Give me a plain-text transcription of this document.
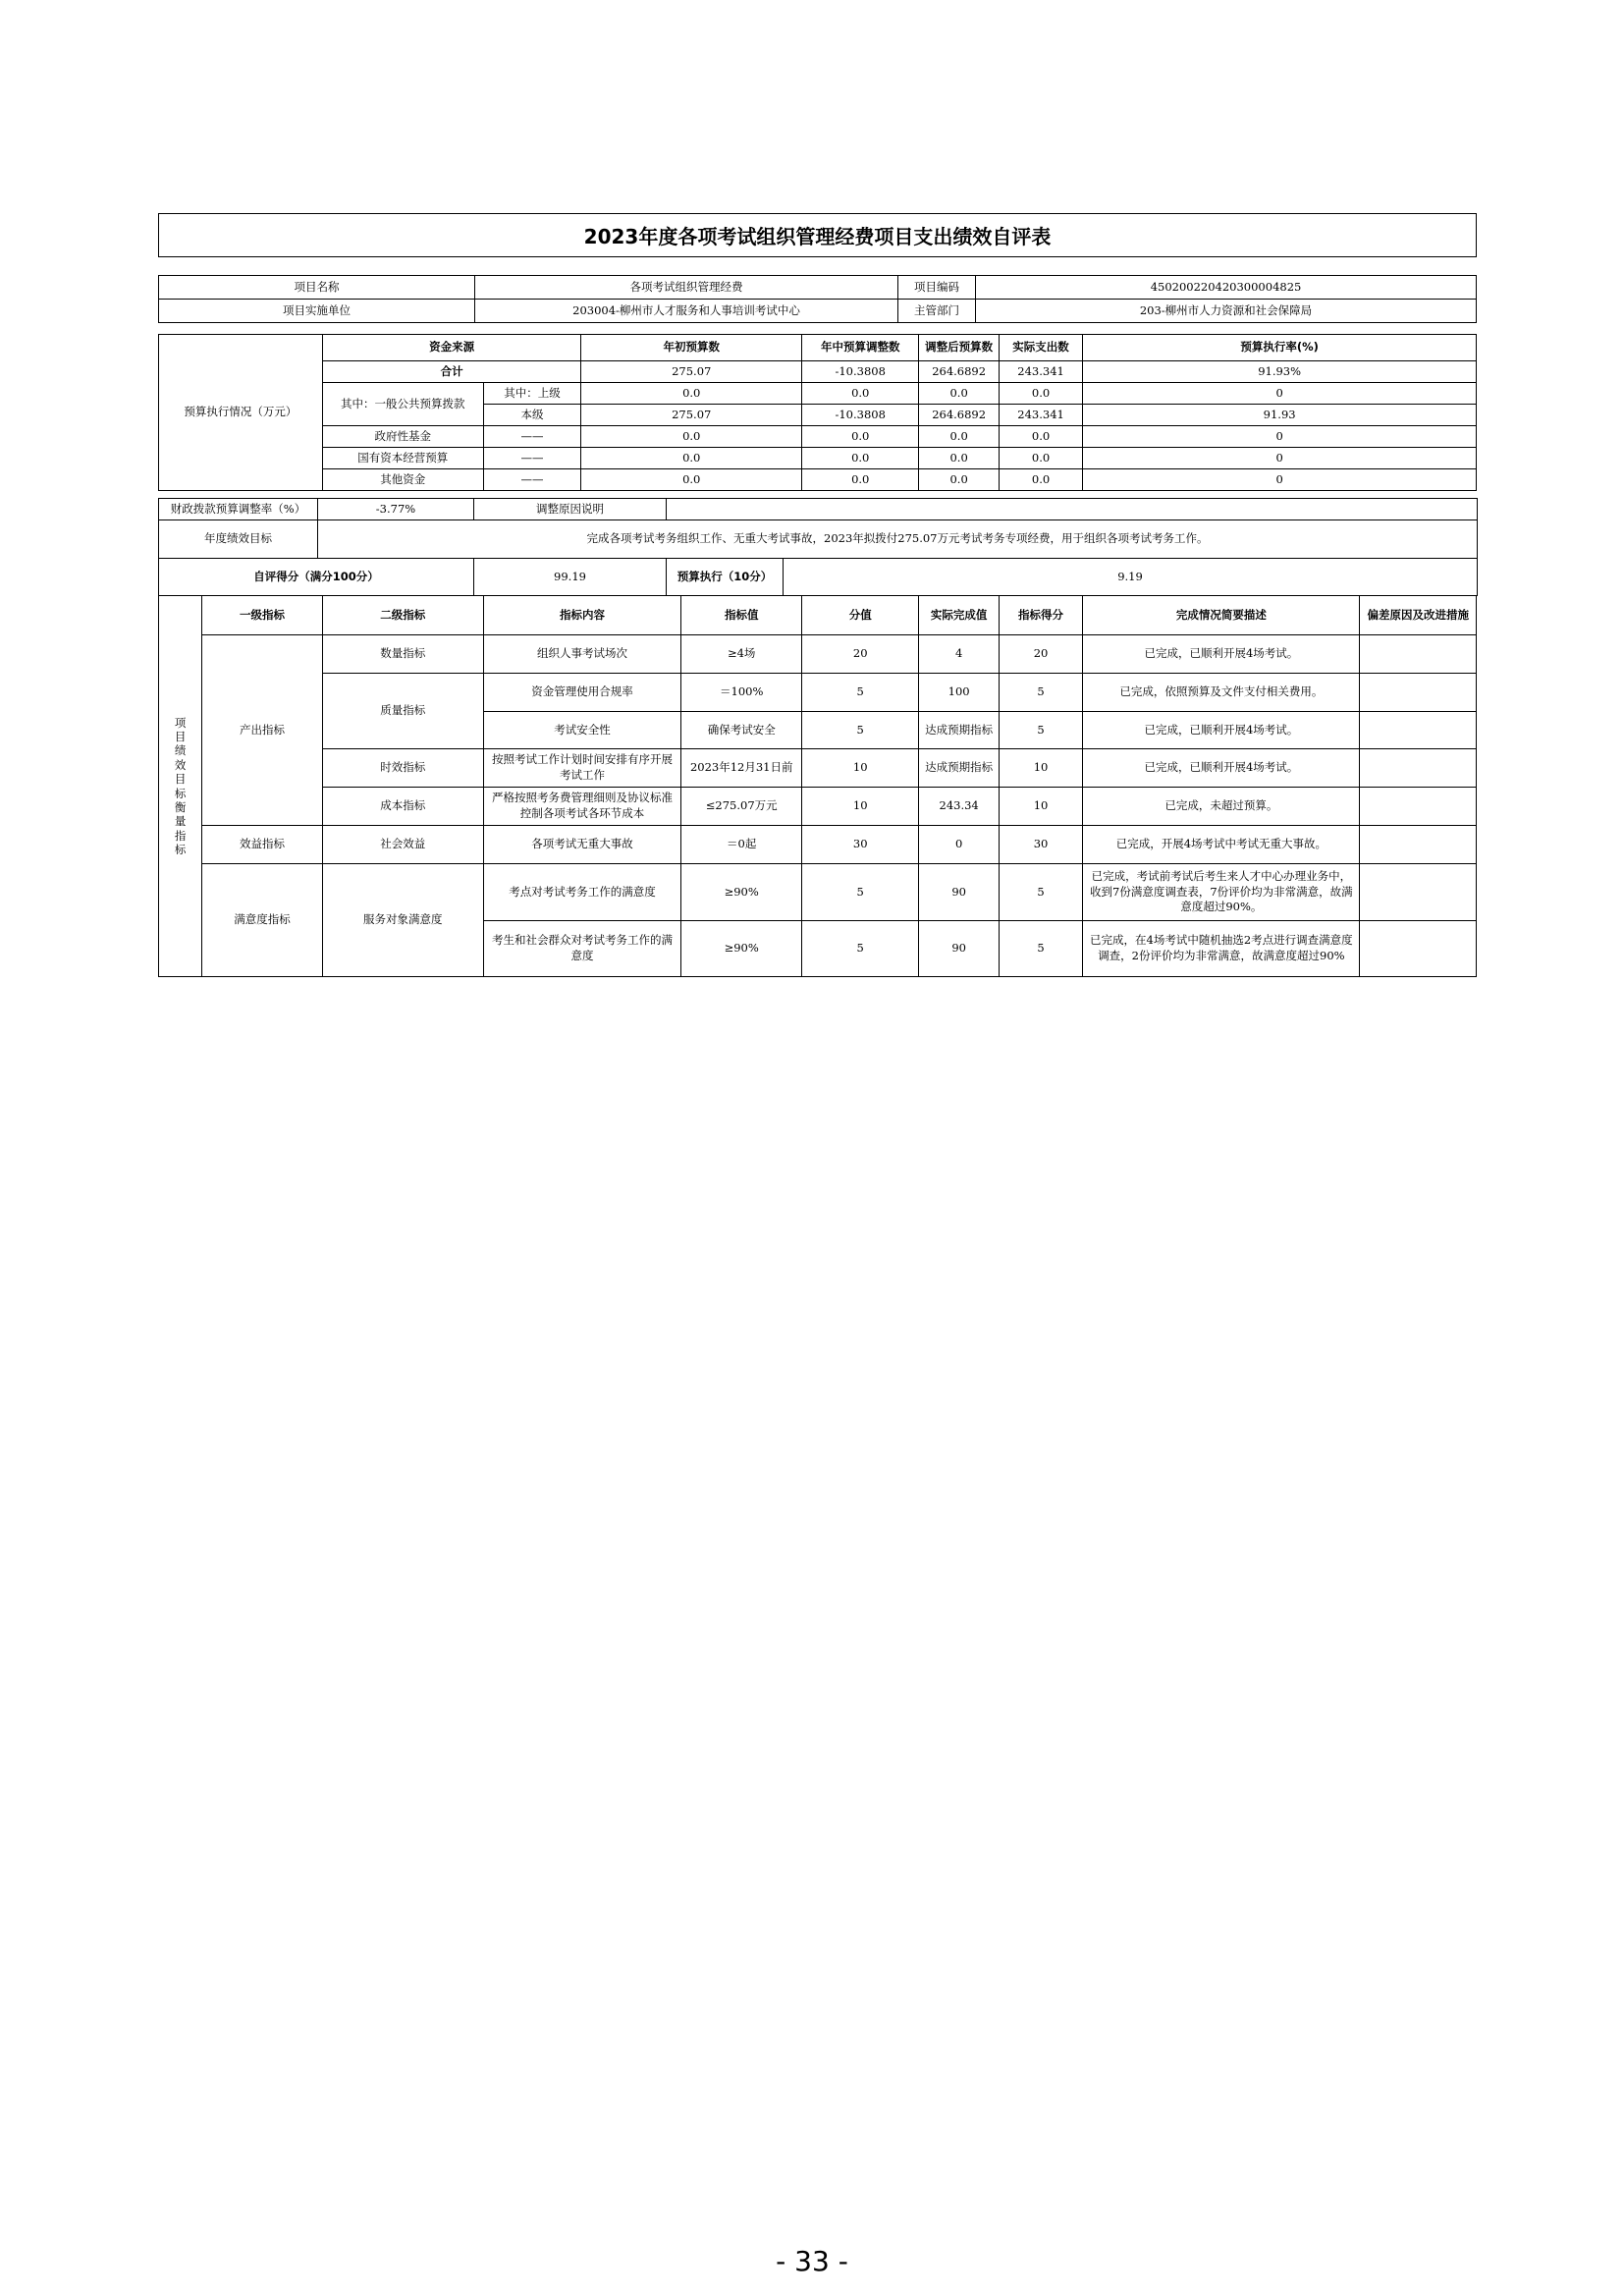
2023年度各项考试组织管理经费项目支出绩效自评表
项目名称	各项考试组织管理经费	项目编码	450200220420300004825
项目实施单位	203004-柳州市人才服务和人事培训考试中心	主管部门	203-柳州市人力资源和社会保障局
预算执行情况（万元）	资金来源		年初预算数	年中预算调整数	调整后预算数	实际支出数	预算执行率(%)
	合计		275.07	-10.3808	264.6892	243.341	91.93%
	其中：一般公共预算拨款	其中：上级	0.0	0.0	0.0	0.0	0
		本级	275.07	-10.3808	264.6892	243.341	91.93
	政府性基金	——	0.0	0.0	0.0	0.0	0
	国有资本经营预算	——	0.0	0.0	0.0	0.0	0
	其他资金	——	0.0	0.0	0.0	0.0	0
财政拨款预算调整率（%）	-3.77%	调整原因说明	
年度绩效目标	完成各项考试考务组织工作、无重大考试事故，2023年拟拨付275.07万元考试考务专项经费，用于组织各项考试考务工作。		

自评得分（满分100分）	99.19	预算执行（10分）	9.19
项目绩效目标衡量指标	一级指标	二级指标	指标内容	指标值	分值	实际完成值	指标得分	完成情况简要描述	偏差原因及改进措施
	产出指标	数量指标	组织人事考试场次	≥4场	20	4	20	已完成，已顺利开展4场考试。	
		质量指标	资金管理使用合规率	＝100%	5	100	5	已完成，依照预算及文件支付相关费用。	
			考试安全性	确保考试安全	5	达成预期指标	5	已完成，已顺利开展4场考试。	
		时效指标	按照考试工作计划时间安排有序开展考试工作	2023年12月31日前	10	达成预期指标	10	已完成，已顺利开展4场考试。	
		成本指标	严格按照考务费管理细则及协议标准控制各项考试各环节成本	≤275.07万元	10	243.34	10	已完成，未超过预算。	
	效益指标	社会效益	各项考试无重大事故	＝0起	30	0	30	已完成，开展4场考试中考试无重大事故。	
	满意度指标	服务对象满意度	考点对考试考务工作的满意度	≥90%	5	90	5	已完成，考试前考试后考生来人才中心办理业务中，收到7份满意度调查表，7份评价均为非常满意，故满意度超过90%。	
			考生和社会群众对考试考务工作的满意度	≥90%	5	90	5	已完成，在4场考试中随机抽选2考点进行调查满意度调查，2份评价均为非常满意，故满意度超过90%	
- 33 -
